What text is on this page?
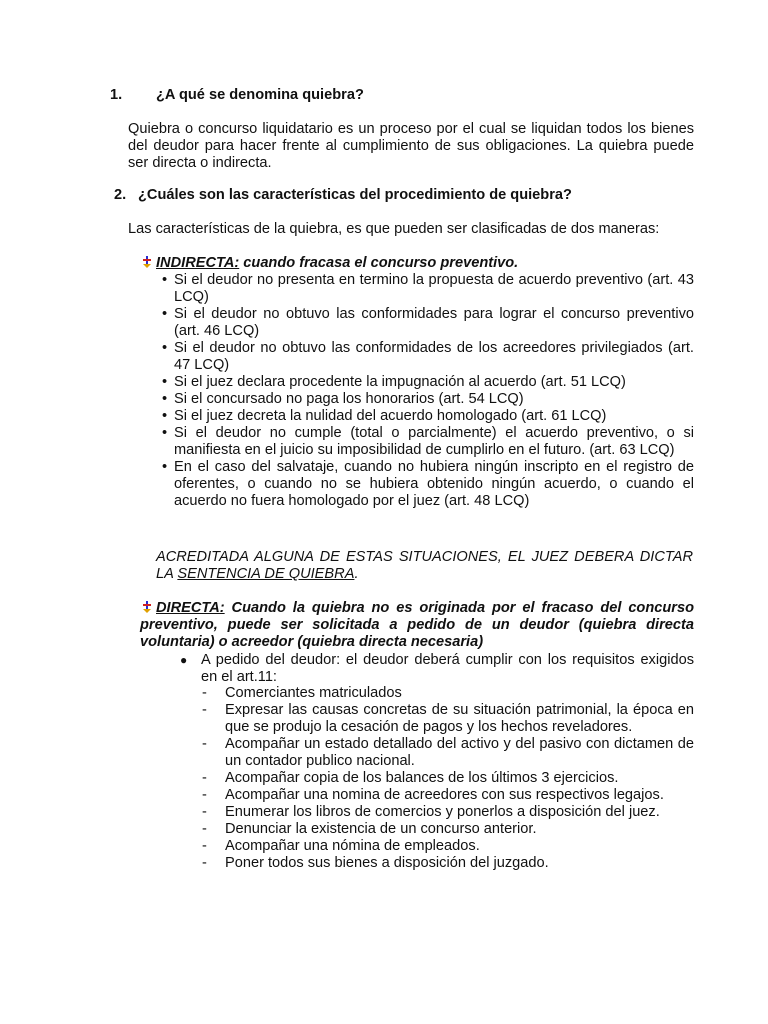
1. ¿A qué se denomina quiebra?
Quiebra o concurso liquidatario es un proceso por el cual se liquidan todos los bienes del deudor para hacer frente al cumplimiento de sus obligaciones. La quiebra puede ser directa o indirecta.
2. ¿Cuáles son las características del procedimiento de quiebra?
Las características de la quiebra, es que pueden ser clasificadas de dos maneras:
INDIRECTA: cuando fracasa el concurso preventivo.
• Si el deudor no presenta en termino la propuesta de acuerdo preventivo (art. 43 LCQ)
• Si el deudor no obtuvo las conformidades para lograr el concurso preventivo (art. 46 LCQ)
• Si el deudor no obtuvo las conformidades de los acreedores privilegiados (art. 47 LCQ)
• Si el juez declara procedente la impugnación al acuerdo (art. 51 LCQ)
• Si el concursado no paga los honorarios (art. 54 LCQ)
• Si el juez decreta la nulidad del acuerdo homologado (art. 61 LCQ)
• Si el deudor no cumple (total o parcialmente) el acuerdo preventivo, o si manifiesta en el juicio su imposibilidad de cumplirlo en el futuro. (art. 63 LCQ)
• En el caso del salvataje, cuando no hubiera ningún inscripto en el registro de oferentes, o cuando no se hubiera obtenido ningún acuerdo, o cuando el acuerdo no fuera homologado por el juez (art. 48 LCQ)
ACREDITADA ALGUNA DE ESTAS SITUACIONES, EL JUEZ DEBERA DICTAR LA SENTENCIA DE QUIEBRA.
DIRECTA: Cuando la quiebra no es originada por el fracaso del concurso preventivo, puede ser solicitada a pedido de un deudor (quiebra directa voluntaria) o acreedor (quiebra directa necesaria)
● A pedido del deudor: el deudor deberá cumplir con los requisitos exigidos en el art.11:
- Comerciantes matriculados
- Expresar las causas concretas de su situación patrimonial, la época en que se produjo la cesación de pagos y los hechos reveladores.
- Acompañar un estado detallado del activo y del pasivo con dictamen de un contador publico nacional.
- Acompañar copia de los balances de los últimos 3 ejercicios.
- Acompañar una nomina de acreedores con sus respectivos legajos.
- Enumerar los libros de comercios y ponerlos a disposición del juez.
- Denunciar la existencia de un concurso anterior.
- Acompañar una nómina de empleados.
- Poner todos sus bienes a disposición del juzgado.
